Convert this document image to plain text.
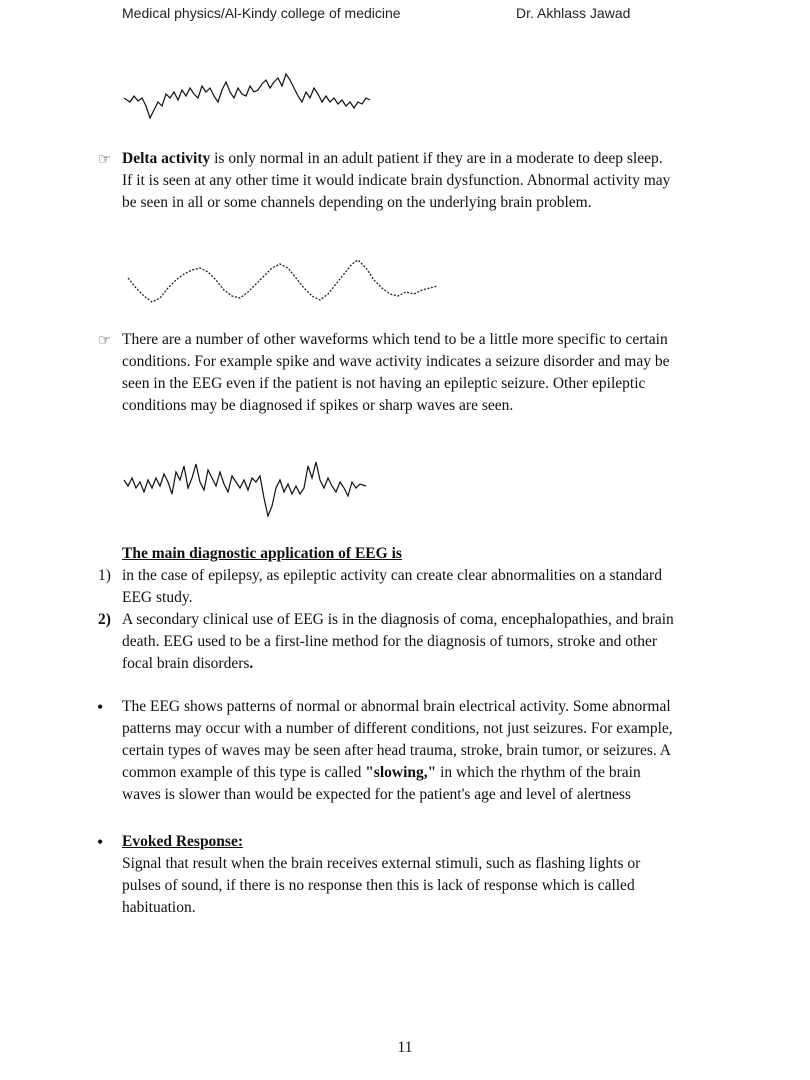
Medical physics/Al-Kindy college of medicine	Dr. Akhlass Jawad
☞ Delta activity is only normal in an adult patient if they are in a moderate to deep sleep. If it is seen at any other time it would indicate brain dysfunction. Abnormal activity may be seen in all or some channels depending on the underlying brain problem.

☞ There are a number of other waveforms which tend to be a little more specific to certain conditions. For example spike and wave activity indicates a seizure disorder and may be seen in the EEG even if the patient is not having an epileptic seizure. Other epileptic conditions may be diagnosed if spikes or sharp waves are seen.

The main diagnostic application of EEG is

1) in the case of epilepsy, as epileptic activity can create clear abnormalities on a standard EEG study.

2) A secondary clinical use of EEG is in the diagnosis of coma, encephalopathies, and brain death. EEG used to be a first-line method for the diagnosis of tumors, stroke and other focal brain disorders.

• The EEG shows patterns of normal or abnormal brain electrical activity. Some abnormal patterns may occur with a number of different conditions, not just seizures. For example, certain types of waves may be seen after head trauma, stroke, brain tumor, or seizures. A common example of this type is called "slowing," in which the rhythm of the brain waves is slower than would be expected for the patient's age and level of alertness

• Evoked Response:

Signal that result when the brain receives external stimuli, such as flashing lights or pulses of sound, if there is no response then this is lack of response which is called habituation.

11
